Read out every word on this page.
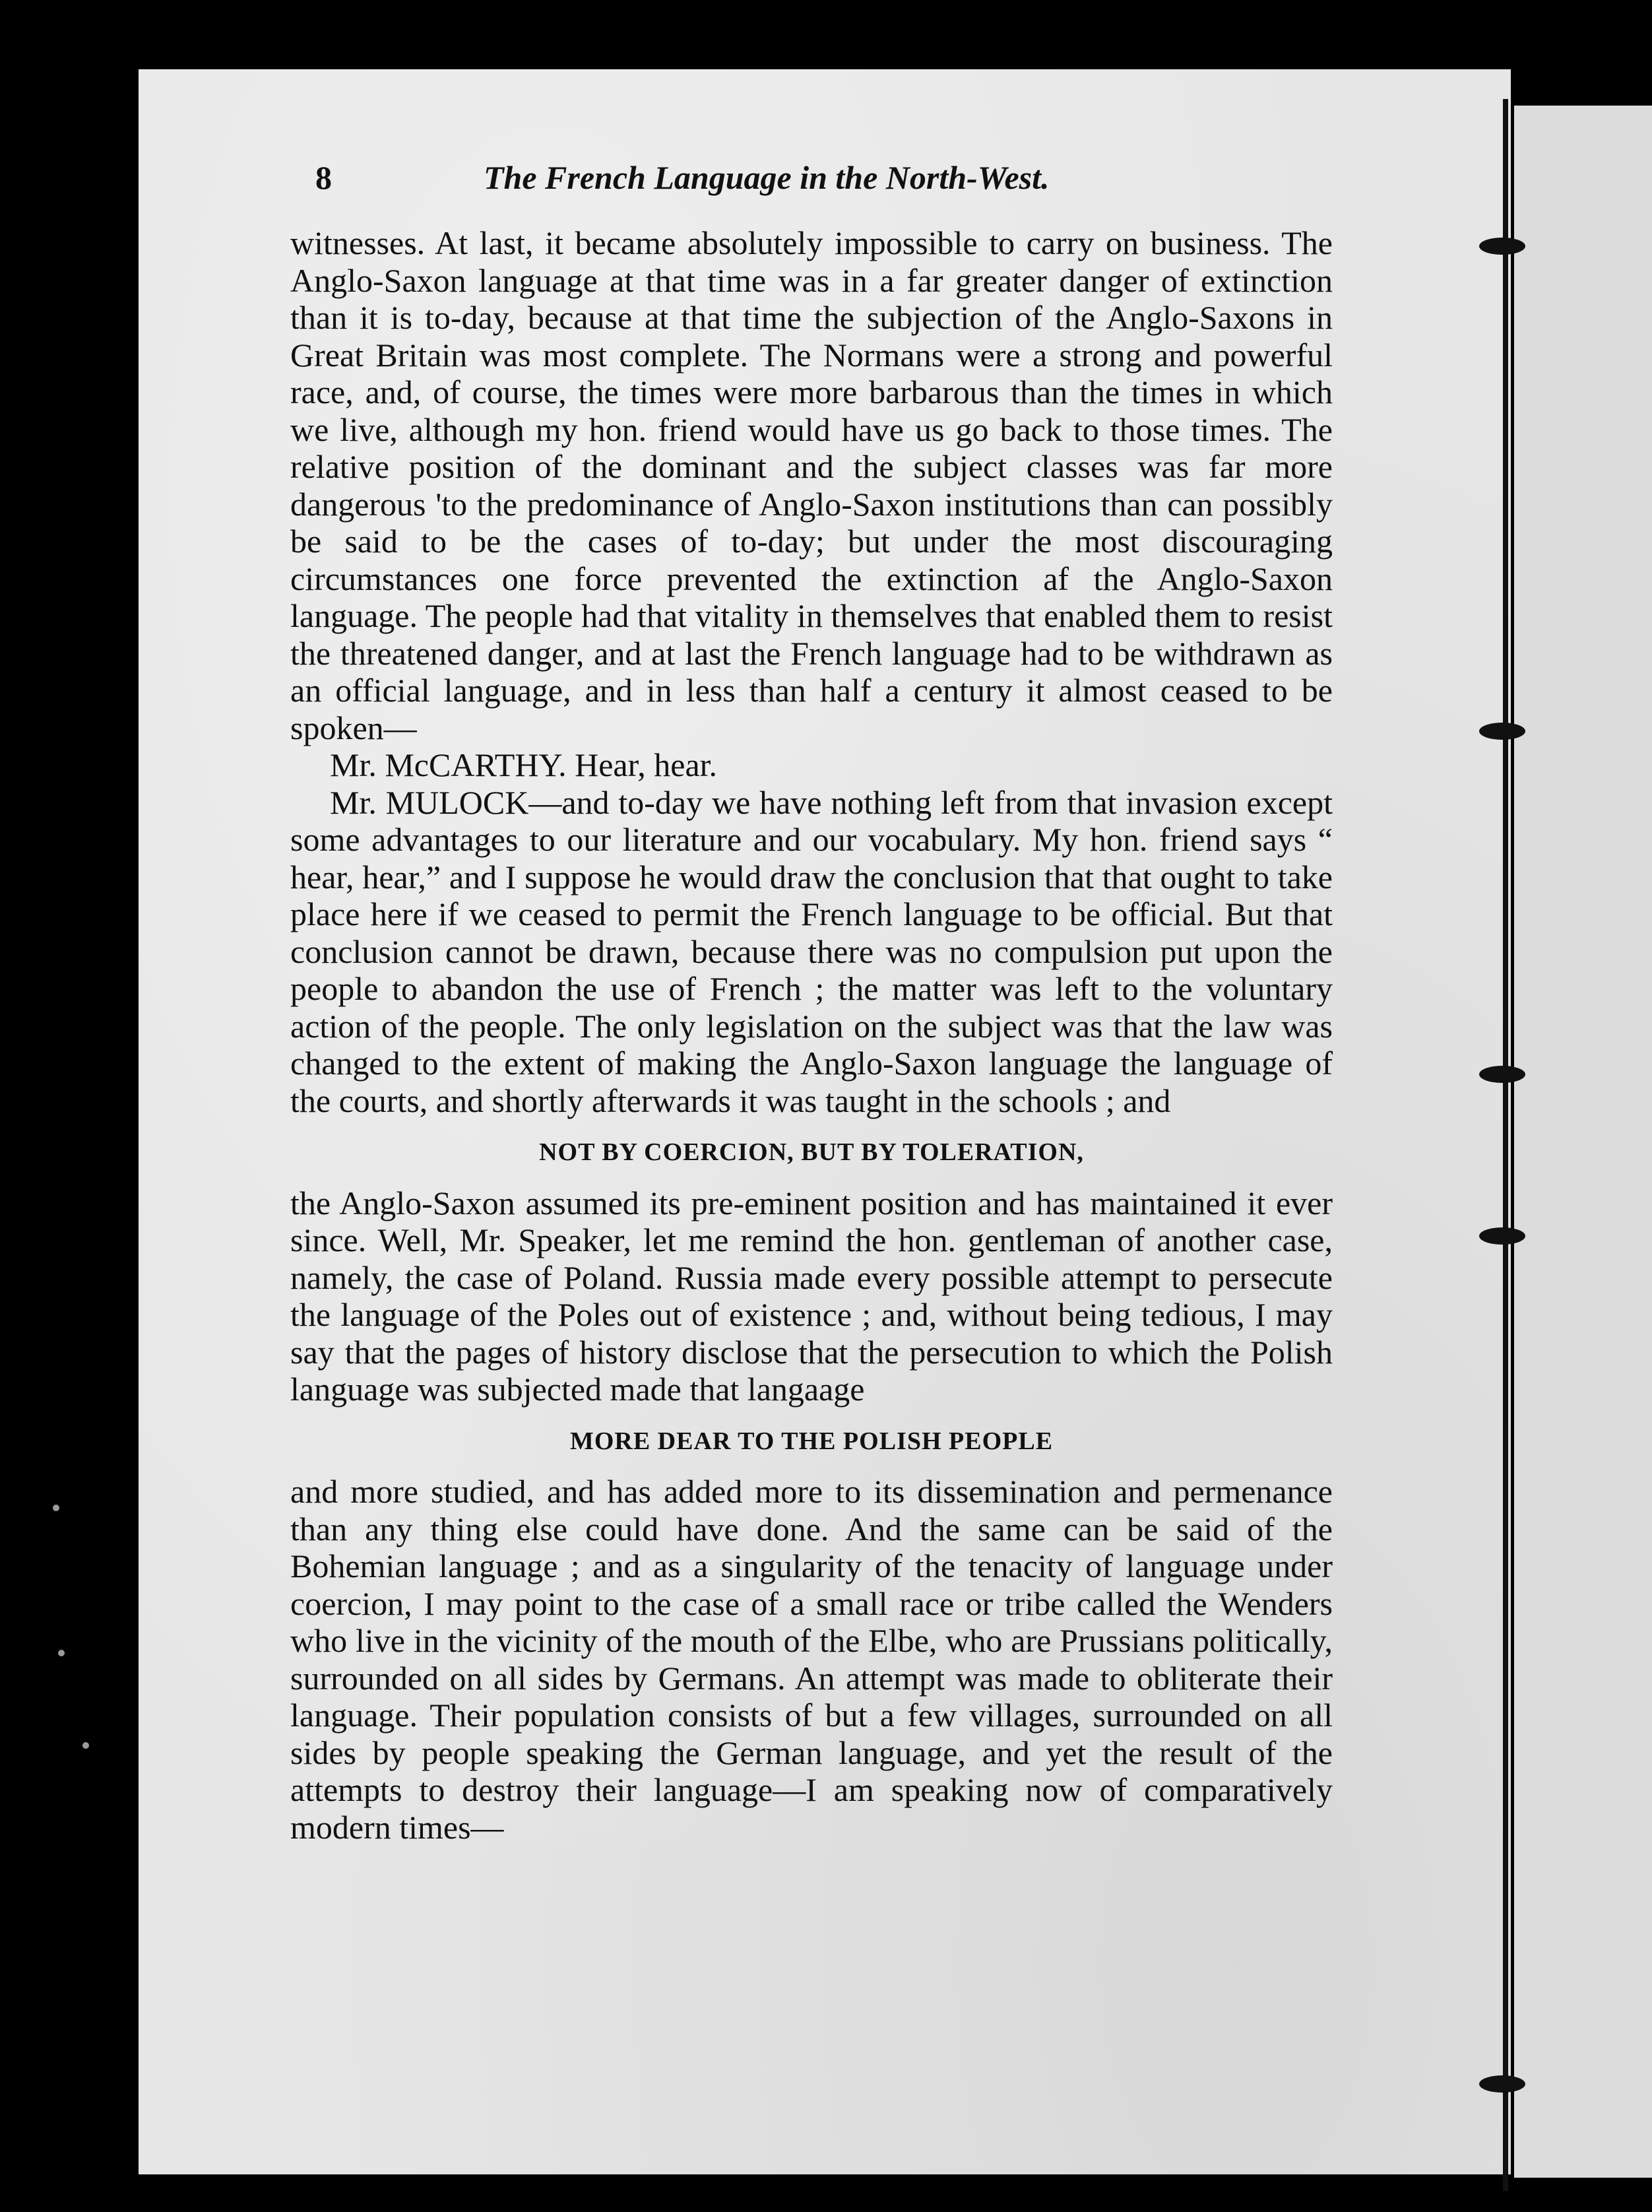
8	The French Language in the North-West.

witnesses. At last, it became absolutely impossible to carry on business. The Anglo-Saxon language at that time was in a far greater danger of extinction than it is to-day, because at that time the subjection of the Anglo-Saxons in Great Britain was most complete. The Normans were a strong and powerful race, and, of course, the times were more barbarous than the times in which we live, although my hon. friend would have us go back to those times. The relative position of the dominant and the subject classes was far more dangerous 'to the predominance of Anglo-Saxon institutions than can possibly be said to be the cases of to-day; but under the most discouraging circumstances one force prevented the extinction af the Anglo-Saxon language. The people had that vitality in themselves that enabled them to resist the threatened danger, and at last the French language had to be withdrawn as an official language, and in less than half a century it almost ceased to be spoken—

Mr. McCARTHY. Hear, hear.

Mr. MULOCK—and to-day we have nothing left from that invasion except some advantages to our literature and our vocabulary. My hon. friend says “ hear, hear,” and I suppose he would draw the conclusion that that ought to take place here if we ceased to permit the French language to be official. But that conclusion cannot be drawn, because there was no compulsion put upon the people to abandon the use of French ; the matter was left to the voluntary action of the people. The only legislation on the subject was that the law was changed to the extent of making the Anglo-Saxon language the language of the courts, and shortly afterwards it was taught in the schools ; and

NOT BY COERCION, BUT BY TOLERATION,

the Anglo-Saxon assumed its pre-eminent position and has maintained it ever since. Well, Mr. Speaker, let me remind the hon. gentleman of another case, namely, the case of Poland. Russia made every possible attempt to persecute the language of the Poles out of existence ; and, without being tedious, I may say that the pages of history disclose that the persecution to which the Polish language was subjected made that langaage

MORE DEAR TO THE POLISH PEOPLE

and more studied, and has added more to its dissemination and permenance than any thing else could have done. And the same can be said of the Bohemian language ; and as a singularity of the tenacity of language under coercion, I may point to the case of a small race or tribe called the Wenders who live in the vicinity of the mouth of the Elbe, who are Prussians politically, surrounded on all sides by Germans. An attempt was made to obliterate their language. Their population consists of but a few villages, surrounded on all sides by people speaking the German language, and yet the result of the attempts to destroy their language—I am speaking now of comparatively modern times—
